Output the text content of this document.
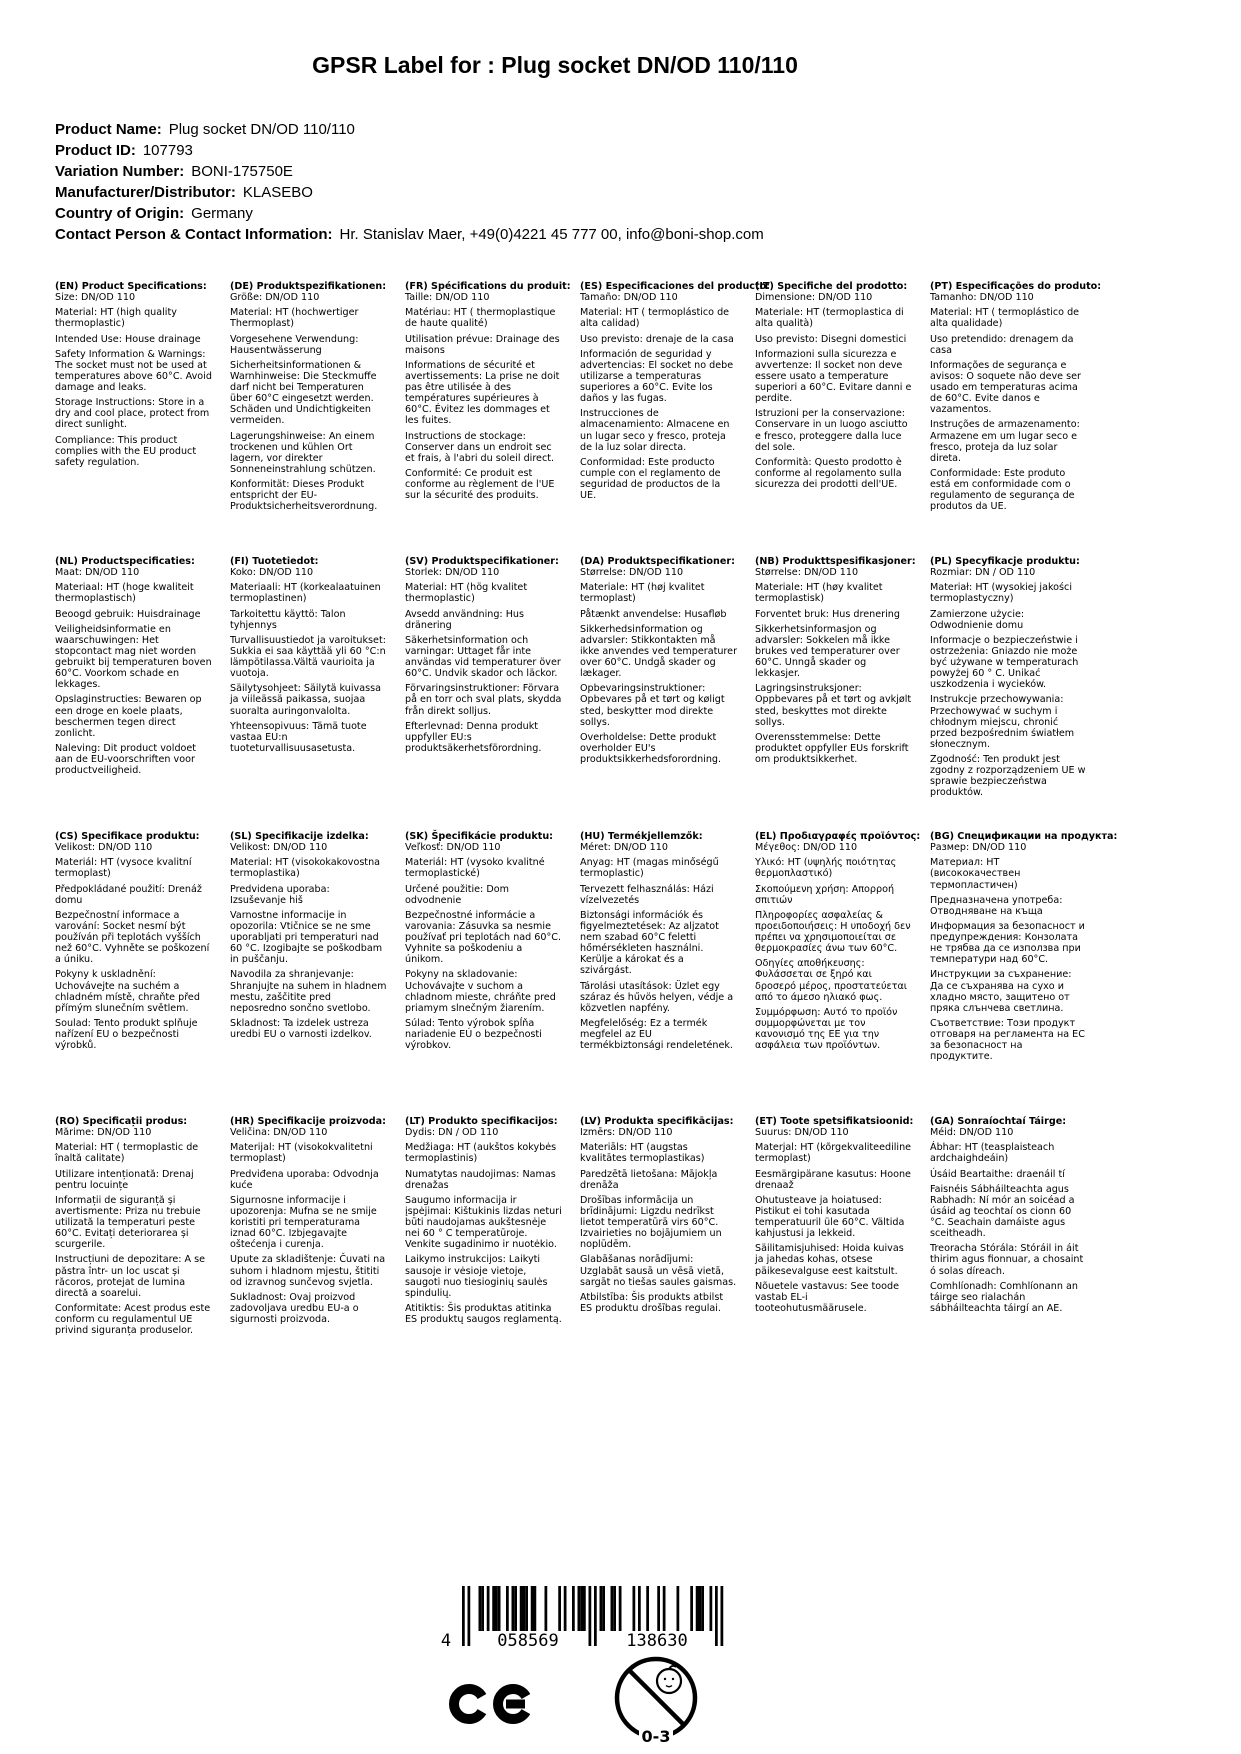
GPSR Label for : Plug socket DN/OD 110/110
Product Name: Plug socket DN/OD 110/110
Product ID: 107793
Variation Number: BONI-175750E
Manufacturer/Distributor: KLASEBO
Country of Origin: Germany
Contact Person & Contact Information: Hr. Stanislav Maer, +49(0)4221 45 777 00, info@boni-shop.com
(EN) Product Specifications:
Size: DN/OD 110
Material: HT (high quality thermoplastic)
Intended Use: House drainage
Safety Information & Warnings: The socket must not be used at temperatures above 60°C. Avoid damage and leaks.
Storage Instructions: Store in a dry and cool place, protect from direct sunlight.
Compliance: This product complies with the EU product safety regulation.
(DE) Produktspezifikationen:
Größe: DN/OD 110
Material: HT (hochwertiger Thermoplast)
Vorgesehene Verwendung: Hausentwässerung
Sicherheitsinformationen & Warnhinweise: Die Steckmuffe darf nicht bei Temperaturen über 60°C eingesetzt werden. Schäden und Undichtigkeiten vermeiden.
Lagerungshinweise: An einem trockenen und kühlen Ort lagern, vor direkter Sonneneinstrahlung schützen.
Konformität: Dieses Produkt entspricht der EU-Produktsicherheitsverordnung.
(FR) Spécifications du produit:
Taille: DN/OD 110
Matériau: HT ( thermoplastique de haute qualité)
Utilisation prévue: Drainage des maisons
Informations de sécurité et avertissements: La prise ne doit pas être utilisée à des températures supérieures à 60°C. Évitez les dommages et les fuites.
Instructions de stockage: Conserver dans un endroit sec et frais, à l'abri du soleil direct.
Conformité: Ce produit est conforme au règlement de l'UE sur la sécurité des produits.
(ES) Especificaciones del producto:
Tamaño: DN/OD 110
Material: HT ( termoplástico de alta calidad)
Uso previsto: drenaje de la casa
Información de seguridad y advertencias: El socket no debe utilizarse a temperaturas superiores a 60°C. Evite los daños y las fugas.
Instrucciones de almacenamiento: Almacene en un lugar seco y fresco, proteja de la luz solar directa.
Conformidad: Este producto cumple con el reglamento de seguridad de productos de la UE.
(IT) Specifiche del prodotto:
Dimensione: DN/OD 110
Materiale: HT (termoplastica di alta qualità)
Uso previsto: Disegni domestici
Informazioni sulla sicurezza e avvertenze: Il socket non deve essere usato a temperature superiori a 60°C. Evitare danni e perdite.
Istruzioni per la conservazione: Conservare in un luogo asciutto e fresco, proteggere dalla luce del sole.
Conformità: Questo prodotto è conforme al regolamento sulla sicurezza dei prodotti dell'UE.
(PT) Especificações do produto:
Tamanho: DN/OD 110
Material: HT ( termoplástico de alta qualidade)
Uso pretendido: drenagem da casa
Informações de segurança e avisos: O soquete não deve ser usado em temperaturas acima de 60°C. Evite danos e vazamentos.
Instruções de armazenamento: Armazene em um lugar seco e fresco, proteja da luz solar direta.
Conformidade: Este produto está em conformidade com o regulamento de segurança de produtos da UE.
(NL) Productspecificaties:
Maat: DN/OD 110
Materiaal: HT (hoge kwaliteit thermoplastisch)
Beoogd gebruik: Huisdrainage
Veiligheidsinformatie en waarschuwingen: Het stopcontact mag niet worden gebruikt bij temperaturen boven 60°C. Voorkom schade en lekkages.
Opslaginstructies: Bewaren op een droge en koele plaats, beschermen tegen direct zonlicht.
Naleving: Dit product voldoet aan de EU-voorschriften voor productveiligheid.
(FI) Tuotetiedot:
Koko: DN/OD 110
Materiaali: HT (korkealaatuinen termoplastinen)
Tarkoitettu käyttö: Talon tyhjennys
Turvallisuustiedot ja varoitukset: Sukkia ei saa käyttää yli 60 °C:n lämpötilassa.Vältä vaurioita ja vuotoja.
Säilytysohjeet: Säilytä kuivassa ja viileässä paikassa, suojaa suoralta auringonvalolta.
Yhteensopivuus: Tämä tuote vastaa EU:n tuoteturvallisuusasetusta.
(SV) Produktspecifikationer:
Storlek: DN/OD 110
Material: HT (hög kvalitet thermoplastic)
Avsedd användning: Hus dränering
Säkerhetsinformation och varningar: Uttaget får inte användas vid temperaturer över 60°C. Undvik skador och läckor.
Förvaringsinstruktioner: Förvara på en torr och sval plats, skydda från direkt solljus.
Efterlevnad: Denna produkt uppfyller EU:s produktsäkerhetsförordning.
(DA) Produktspecifikationer:
Størrelse: DN/OD 110
Materiale: HT (høj kvalitet termoplast)
Påtænkt anvendelse: Husafløb
Sikkerhedsinformation og advarsler: Stikkontakten må ikke anvendes ved temperaturer over 60°C. Undgå skader og lækager.
Opbevaringsinstruktioner: Opbevares på et tørt og køligt sted, beskytter mod direkte sollys.
Overholdelse: Dette produkt overholder EU's produktsikkerhedsforordning.
(NB) Produkttspesifikasjoner:
Størrelse: DN/OD 110
Materiale: HT (høy kvalitet termoplastisk)
Forventet bruk: Hus drenering
Sikkerhetsinformasjon og advarsler: Sokkelen må ikke brukes ved temperaturer over 60°C. Unngå skader og lekkasjer.
Lagringsinstruksjoner: Oppbevares på et tørt og avkjølt sted, beskyttes mot direkte sollys.
Overensstemmelse: Dette produktet oppfyller EUs forskrift om produktsikkerhet.
(PL) Specyfikacje produktu:
Rozmiar: DN / OD 110
Materiał: HT (wysokiej jakości termoplastyczny)
Zamierzone użycie: Odwodnienie domu
Informacje o bezpieczeństwie i ostrzeżenia: Gniazdo nie może być używane w temperaturach powyżej 60 ° C. Unikać uszkodzenia i wycieków.
Instrukcje przechowywania: Przechowywać w suchym i chłodnym miejscu, chronić przed bezpośrednim światłem słonecznym.
Zgodność: Ten produkt jest zgodny z rozporządzeniem UE w sprawie bezpieczeństwa produktów.
(CS) Specifikace produktu:
Velikost: DN/OD 110
Materiál: HT (vysoce kvalitní termoplast)
Předpokládané použití: Drenáž domu
Bezpečnostní informace a varování: Socket nesmí být používán při teplotách vyšších než 60°C. Vyhněte se poškození a úniku.
Pokyny k uskladnění: Uchovávejte na suchém a chladném místě, chraňte před přímým slunečním světlem.
Soulad: Tento produkt splňuje nařízení EU o bezpečnosti výrobků.
(SL) Specifikacije izdelka:
Velikost: DN/OD 110
Material: HT (visokokakovostna termoplastika)
Predvidena uporaba: Izsuševanje hiš
Varnostne informacije in opozorila: Vtičnice se ne sme uporabljati pri temperaturi nad 60 °C. Izogibajte se poškodbam in puščanju.
Navodila za shranjevanje: Shranjujte na suhem in hladnem mestu, zaščitite pred neposredno sončno svetlobo.
Skladnost: Ta izdelek ustreza uredbi EU o varnosti izdelkov.
(SK) Špecifikácie produktu:
Veľkosť: DN/OD 110
Materiál: HT (vysoko kvalitné termoplastické)
Určené použitie: Dom odvodnenie
Bezpečnostné informácie a varovania: Zásuvka sa nesmie používať pri teplotách nad 60°C. Vyhnite sa poškodeniu a únikom.
Pokyny na skladovanie: Uchovávajte v suchom a chladnom mieste, chráňte pred priamym slnečným žiarením.
Súlad: Tento výrobok spĺňa nariadenie EÚ o bezpečnosti výrobkov.
(HU) Termékjellemzők:
Méret: DN/OD 110
Anyag: HT (magas minőségű termoplastic)
Tervezett felhasználás: Házi vízelvezetés
Biztonsági információk és figyelmeztetések: Az aljzatot nem szabad 60°C feletti hőmérsékleten használni. Kerülje a károkat és a szivárgást.
Tárolási utasítások: Üzlet egy száraz és hűvös helyen, védje a közvetlen napfény.
Megfelelőség: Ez a termék megfelel az EU termékbiztonsági rendeletének.
(EL) Προδιαγραφές προϊόντος:
Μέγεθος: DN/OD 110
Υλικό: HT (υψηλής ποιότητας θερμοπλαστικό)
Σκοπούμενη χρήση: Απορροή σπιτιών
Πληροφορίες ασφαλείας & προειδοποιήσεις: Η υποδοχή δεν πρέπει να χρησιμοποιείται σε θερμοκρασίες άνω των 60°C.
Οδηγίες αποθήκευσης: Φυλάσσεται σε ξηρό και δροσερό μέρος, προστατεύεται από το άμεσο ηλιακό φως.
Συμμόρφωση: Αυτό το προϊόν συμμορφώνεται με τον κανονισμό της ΕΕ για την ασφάλεια των προϊόντων.
(BG) Спецификации на продукта:
Размер: DN/OD 110
Материал: HT (висококачествен термопластичен)
Предназначена употреба: Отводняване на къща
Информация за безопасност и предупреждения: Конзолата не трябва да се използва при температури над 60°C.
Инструкции за съхранение: Да се съхранява на сухо и хладно място, защитено от пряка слънчева светлина.
Съответствие: Този продукт отговаря на регламента на ЕС за безопасност на продуктите.
(RO) Specificații produs:
Mărime: DN/OD 110
Material: HT ( termoplastic de înaltă calitate)
Utilizare intenționată: Drenaj pentru locuințe
Informații de siguranță și avertismente: Priza nu trebuie utilizată la temperaturi peste 60°C. Evitați deteriorarea și scurgerile.
Instrucțiuni de depozitare: A se păstra într- un loc uscat și răcoros, protejat de lumina directă a soarelui.
Conformitate: Acest produs este conform cu regulamentul UE privind siguranța produselor.
(HR) Specifikacije proizvoda:
Veličina: DN/OD 110
Materijal: HT (visokokvalitetni termoplast)
Predviđena uporaba: Odvodnja kuće
Sigurnosne informacije i upozorenja: Mufna se ne smije koristiti pri temperaturama iznad 60°C. Izbjegavajte oštećenja i curenja.
Upute za skladištenje: Čuvati na suhom i hladnom mjestu, štititi od izravnog sunčevog svjetla.
Sukladnost: Ovaj proizvod zadovoljava uredbu EU-a o sigurnosti proizvoda.
(LT) Produkto specifikacijos:
Dydis: DN / OD 110
Medžiaga: HT (aukštos kokybės termoplastinis)
Numatytas naudojimas: Namas drenažas
Saugumo informacija ir įspėjimai: Kištukinis lizdas neturi būti naudojamas aukštesnėje nei 60 ° C temperatūroje. Venkite sugadinimo ir nuotėkio.
Laikymo instrukcijos: Laikyti sausoje ir vėsioje vietoje, saugoti nuo tiesioginių saulės spindulių.
Atitiktis: Šis produktas atitinka ES produktų saugos reglamentą.
(LV) Produkta specifikācijas:
Izmērs: DN/OD 110
Materiāls: HT (augstas kvalitātes termoplastikas)
Paredzētā lietošana: Mājokļa drenāža
Drošības informācija un brīdinājumi: Ligzdu nedrīkst lietot temperatūrā virs 60°C. Izvairieties no bojājumiem un noplūdēm.
Glabāšanas norādījumi: Uzglabāt sausā un vēsā vietā, sargāt no tiešas saules gaismas.
Atbilstība: Šis produkts atbilst ES produktu drošības regulai.
(ET) Toote spetsifikatsioonid:
Suurus: DN/OD 110
Materjal: HT (kõrgekvaliteediline termoplast)
Eesmärgipärane kasutus: Hoone drenaaž
Ohutusteave ja hoiatused: Pistikut ei tohi kasutada temperatuuril üle 60°C. Vältida kahjustusi ja lekkeid.
Säilitamisjuhised: Hoida kuivas ja jahedas kohas, otsese päikesevalguse eest kaitstult.
Nõuetele vastavus: See toode vastab EL-i tooteohutusmäärusele.
(GA) Sonraíochtaí Táirge:
Méid: DN/OD 110
Ábhar: HT (teasplaisteach ardchaighdeáin)
Úsáid Beartaithe: draenáil tí
Faisnéis Sábháilteachta agus Rabhadh: Ní mór an soicéad a úsáid ag teochtaí os cionn 60 °C. Seachain damáiste agus sceitheadh.
Treoracha Stórála: Stóráil in áit thirim agus fionnuar, a chosaint ó solas díreach.
Comhlíonadh: Comhlíonann an táirge seo rialachán sábháilteachta táirgí an AE.
4	058569	138630
0-3
